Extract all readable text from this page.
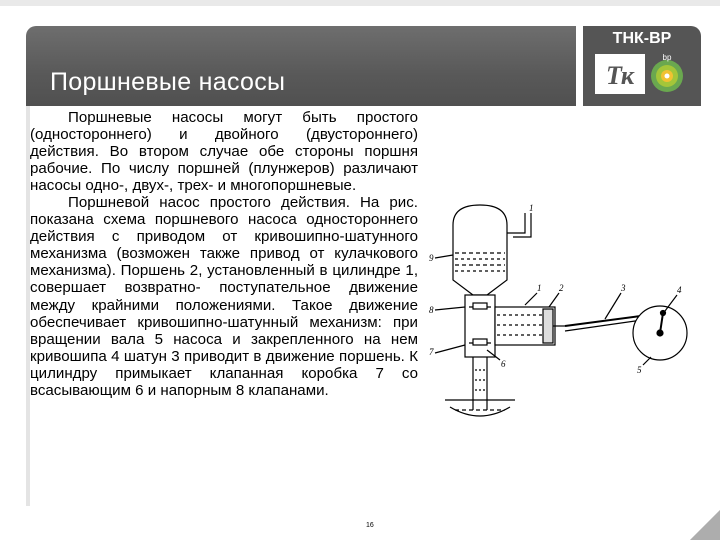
Поршневые насосы
ТНК-ВР
Тк
bp

Поршневые насосы могут быть простого (одностороннего) и двойного (двустороннего) действия. Во втором случае обе стороны поршня рабочие. По числу поршней (плунжеров) различают насосы одно-, двух-, трех- и многопоршневые.

Поршневой насос простого действия. На рис. показана схема поршневого насоса одностороннего действия с приводом от кривошипно-шатунного механизма (возможен также привод от кулачкового механизма). Поршень 2, установленный в цилиндре 1, совершает возвратно- поступательное движение между крайними положениями. Такое движение обеспечивает кривошипно-шатунный механизм: при вращении вала 5 насоса и закрепленного на нем кривошипа 4 шатун 3 приводит в движение поршень. К цилиндру примыкает клапанная коробка 7 со всасывающим 6 и напорным 8 клапанами.

1 2	3	4
5
6
7
8
9
1
16
